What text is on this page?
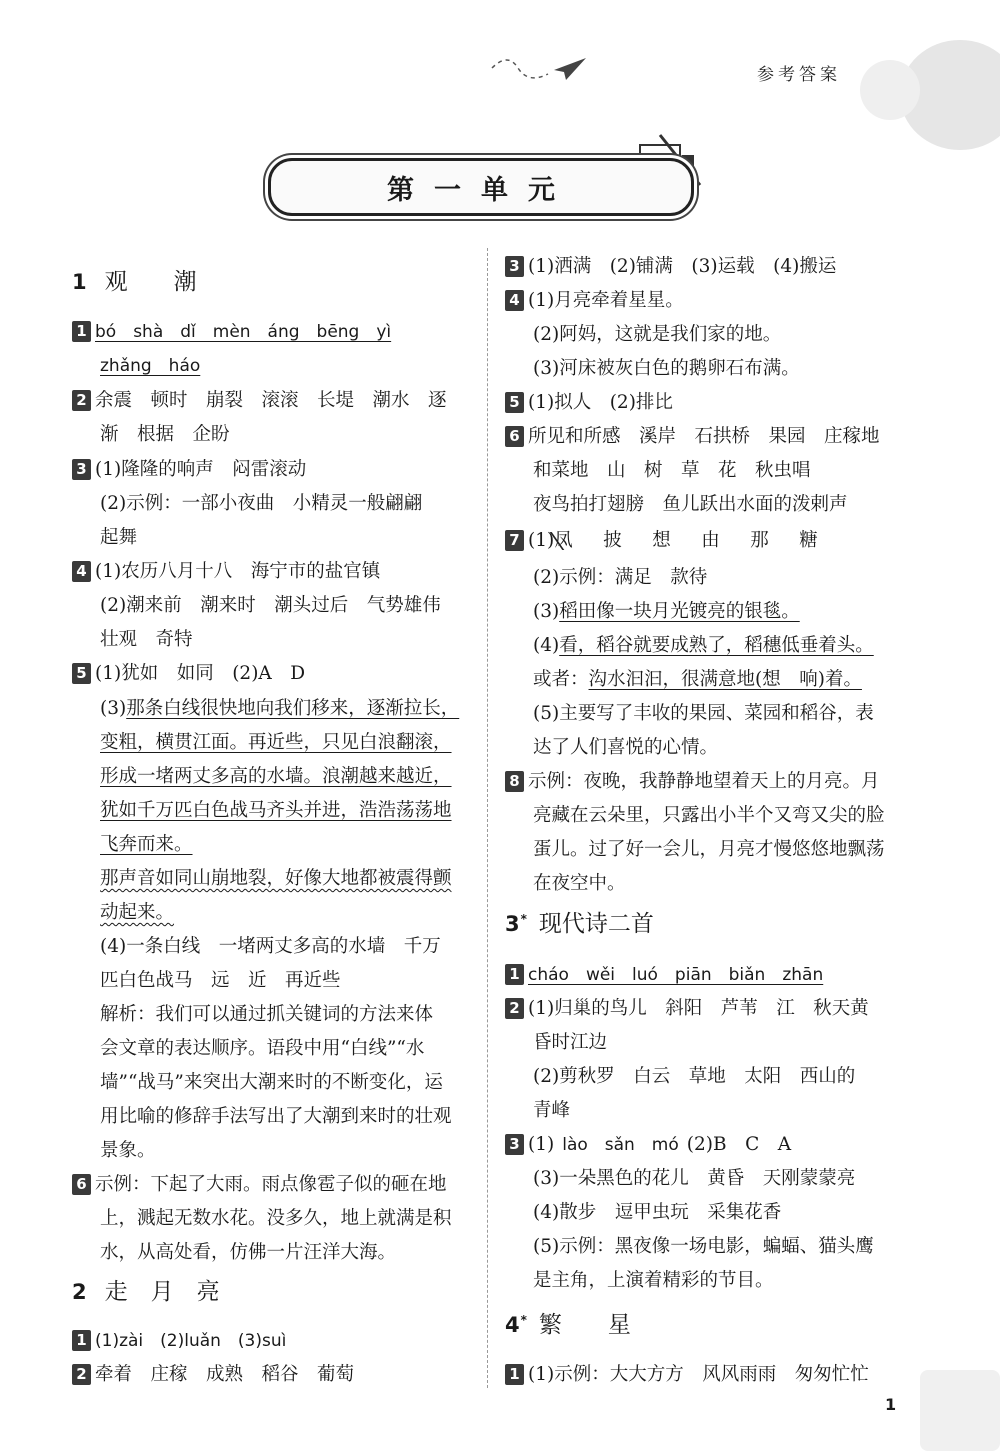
参考答案
第一单元
1 观　　潮
1 bó　shà　dǐ　mèn　áng　bēng　yì
zhǎng　háo
2 余震　顿时　崩裂　滚滚　长堤　潮水　逐
渐　根据　企盼
3 (1)隆隆的响声　闷雷滚动
(2)示例：一部小夜曲　小精灵一般翩翩
起舞
4 (1)农历八月十八　海宁市的盐官镇
(2)潮来前　潮来时　潮头过后　气势雄伟
壮观　奇特
5 (1)犹如　如同　(2)A　D
(3)那条白线很快地向我们移来，逐渐拉长，
变粗，横贯江面。再近些，只见白浪翻滚，
形成一堵两丈多高的水墙。浪潮越来越近，
犹如千万匹白色战马齐头并进，浩浩荡荡地
飞奔而来。
那声音如同山崩地裂，好像大地都被震得颤
动起来。
(4)一条白线　一堵两丈多高的水墙　千万
匹白色战马　远　近　再近些
解析：我们可以通过抓关键词的方法来体
会文章的表达顺序。语段中用“白线”“水
墙”“战马”来突出大潮来时的不断变化，运
用比喻的修辞手法写出了大潮到来时的壮观
景象。
6 示例：下起了大雨。雨点像雹子似的砸在地
上，溅起无数水花。没多久，地上就满是积
水，从高处看，仿佛一片汪洋大海。
2 走　月　亮
1 (1)zài　(2)luǎn　(3)suì
2 牵着　庄稼　成熟　稻谷　葡萄
3 (1)洒满　(2)铺满　(3)运载　(4)搬运
4 (1)月亮牵着星星。
(2)阿妈，这就是我们家的地。
(3)河床被灰白色的鹅卵石布满。
5 (1)拟人　(2)排比
6 所见和所感　溪岸　石拱桥　果园　庄稼地
和菜地　山　树　草　花　秋虫唱
夜鸟拍打翅膀　鱼儿跃出水面的泼剌声
7 (1)凤　披　想　由　那　糖
(2)示例：满足　款待
(3)稻田像一块月光镀亮的银毯。
(4)看，稻谷就要成熟了，稻穗低垂着头。
或者：沟水汩汩，很满意地(想　响)着。
(5)主要写了丰收的果园、菜园和稻谷，表
达了人们喜悦的心情。
8 示例：夜晚，我静静地望着天上的月亮。月
亮藏在云朵里，只露出小半个又弯又尖的脸
蛋儿。过了好一会儿，月亮才慢悠悠地飘荡
在夜空中。
3 * 现代诗二首
1 cháo　wěi　luó　piān　biǎn　zhān
2 (1)归巢的鸟儿　斜阳　芦苇　江　秋天黄
昏时江边
(2)剪秋罗　白云　草地　太阳　西山的
青峰
3 (1) lào　sǎn　mó (2)B　C　A
(3)一朵黑色的花儿　黄昏　天刚蒙蒙亮
(4)散步　逗甲虫玩　采集花香
(5)示例：黑夜像一场电影，蝙蝠、猫头鹰
是主角，上演着精彩的节目。
4 * 繁　　星
1 (1)示例：大大方方　风风雨雨　匆匆忙忙
1
